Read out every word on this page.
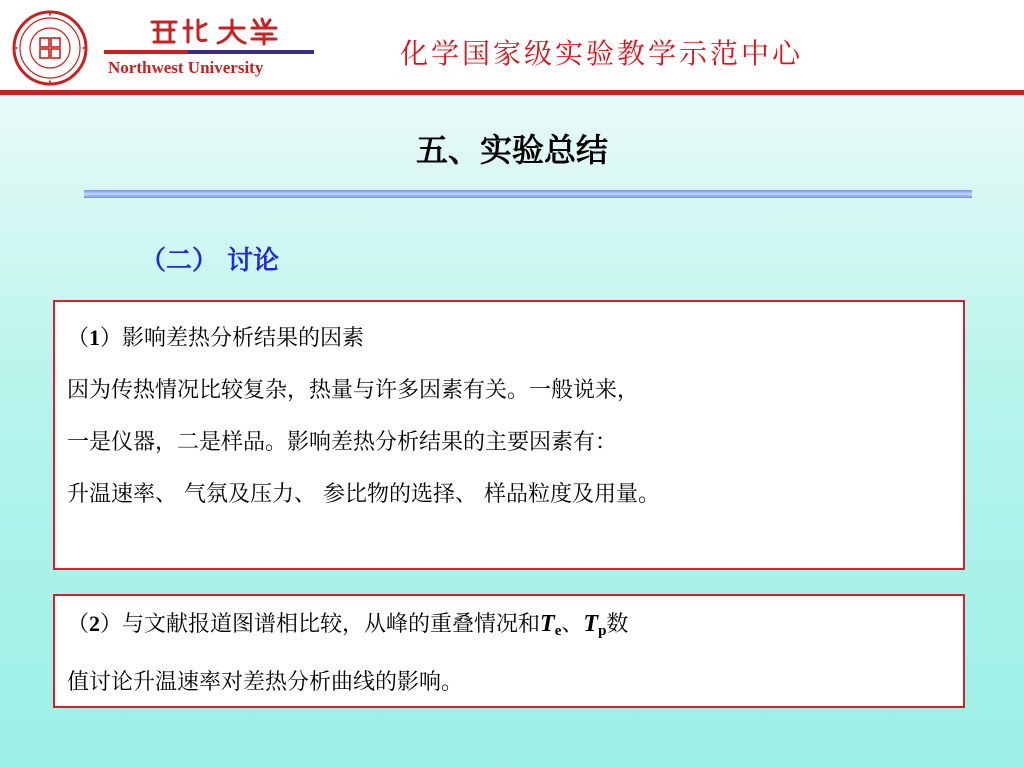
Northwest University	化学国家级实验教学示范中心
五、实验总结
（二） 讨论

（1）影响差热分析结果的因素

因为传热情况比较复杂，热量与许多因素有关。一般说来，

一是仪器，二是样品。影响差热分析结果的主要因素有：

升温速率、 气氛及压力、 参比物的选择、 样品粒度及用量。

（2）与文献报道图谱相比较，从峰的重叠情况和$T_e$、$T_p$数

值讨论升温速率对差热分析曲线的影响。
